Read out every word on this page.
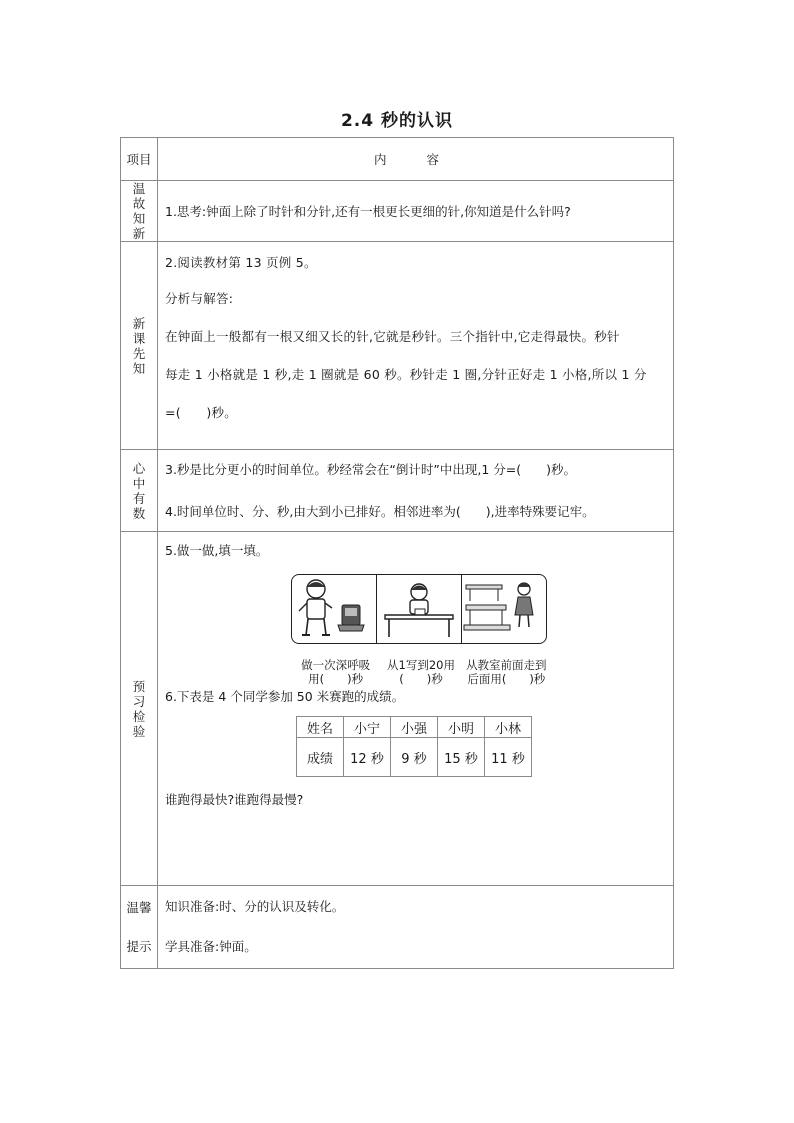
2.4 秒的认识
项目	内 容
温故知新	

1.思考:钟面上除了时针和分针,还有一根更长更细的针,你知道是什么针吗?

新课先知	

2.阅读教材第 13 页例 5。

分析与解答:

在钟面上一般都有一根又细又长的针,它就是秒针。三个指针中,它走得最快。秒针

每走 1 小格就是 1 秒,走 1 圈就是 60 秒。秒针走 1 圈,分针正好走 1 小格,所以 1 分

=(　　)秒。

心中有数	

3.秒是比分更小的时间单位。秒经常会在“倒计时”中出现,1 分=(　　)秒。

4.时间单位时、分、秒,由大到小已排好。相邻进率为(　　),进率特殊要记牢。

预习检验	

5.做一做,填一填。

做一次深呼吸
用(　　)秒
从1写到20用
(　　)秒
从教室前面走到
后面用(　　)秒

6.下表是 4 个同学参加 50 米赛跑的成绩。

姓名	小宁	小强	小明	小林
成绩	12 秒	9 秒	15 秒	11 秒

谁跑得最快?谁跑得最慢?

温馨
提示

知识准备:时、分的认识及转化。

学具准备:钟面。
